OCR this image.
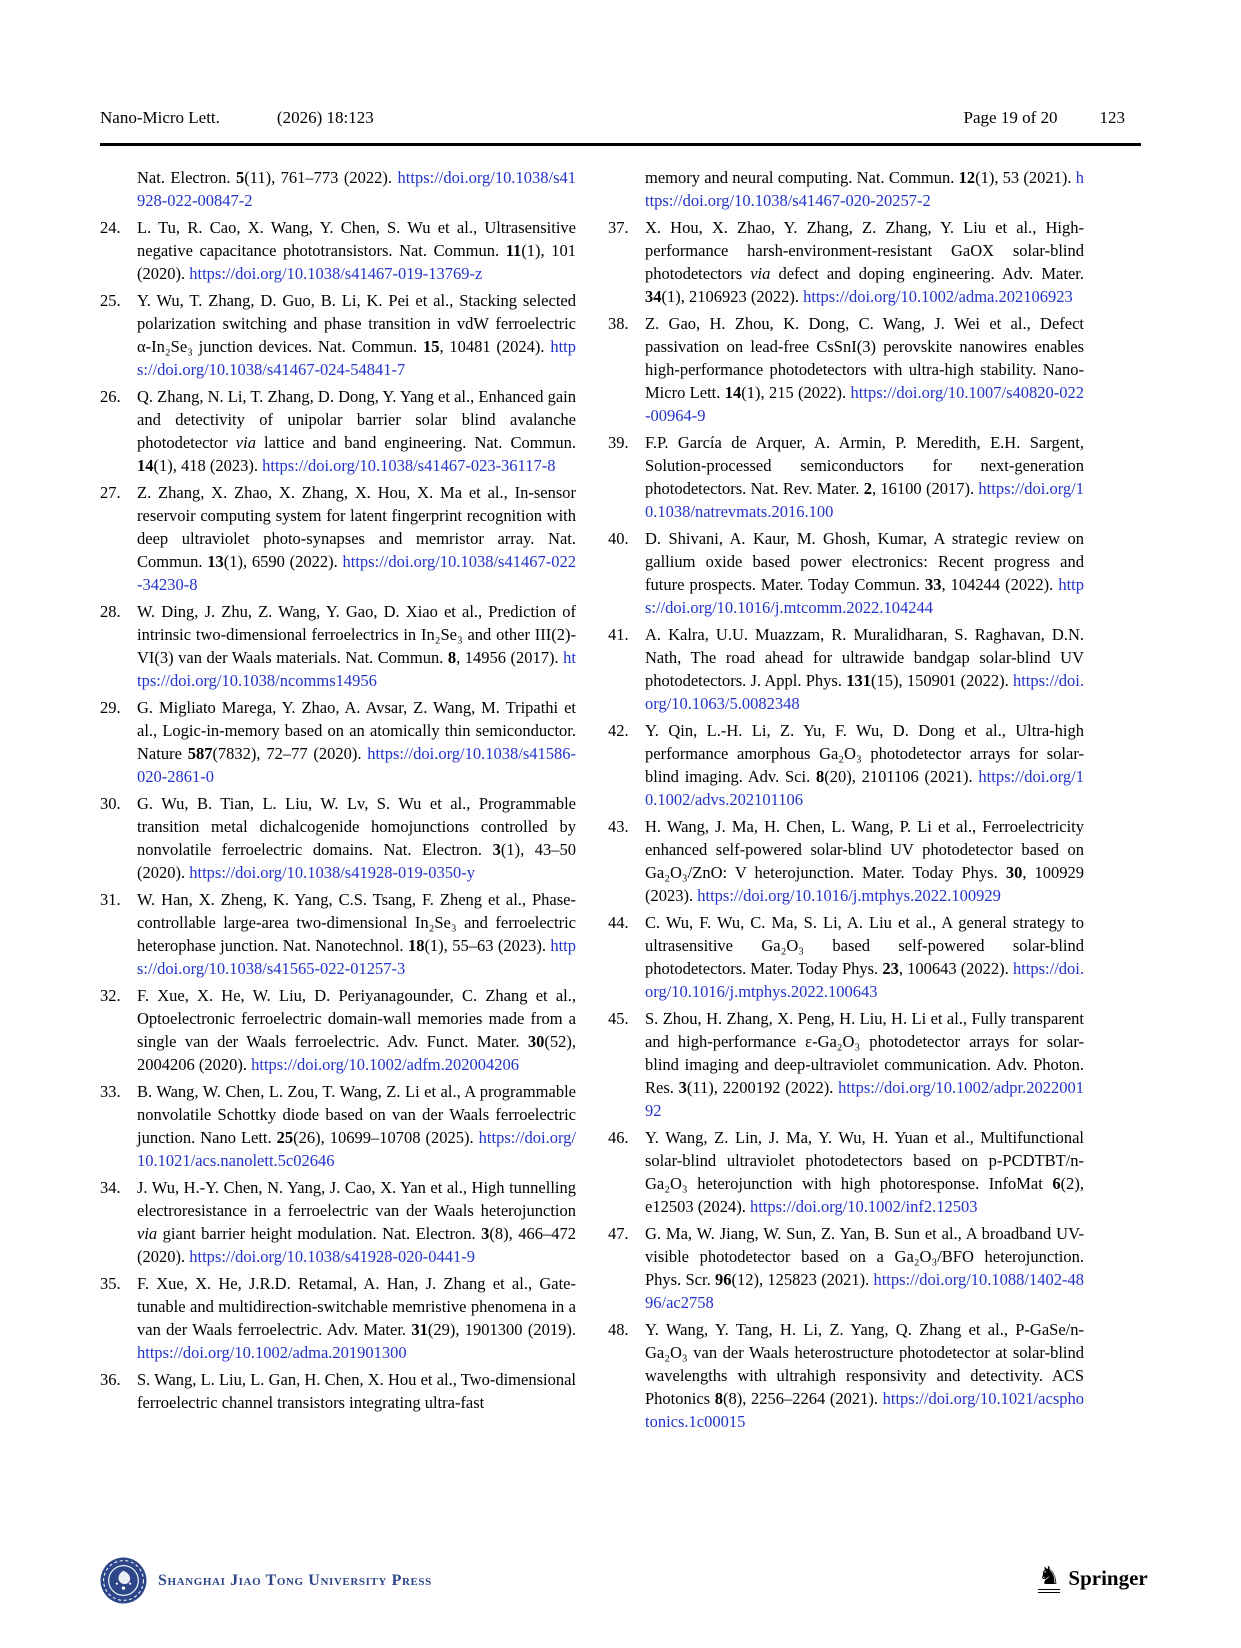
Nano-Micro Lett.	(2026) 18:123	Page 19 of 20 123
Nat. Electron. 5(11), 761–773 (2022). https://doi.org/10.1038/s41928-022-00847-2
24. L. Tu, R. Cao, X. Wang, Y. Chen, S. Wu et al., Ultrasensitive negative capacitance phototransistors. Nat. Commun. 11(1), 101 (2020). https://doi.org/10.1038/s41467-019-13769-z
25. Y. Wu, T. Zhang, D. Guo, B. Li, K. Pei et al., Stacking selected polarization switching and phase transition in vdW ferroelectric α-In₂Se₃ junction devices. Nat. Commun. 15, 10481 (2024). https://doi.org/10.1038/s41467-024-54841-7
26. Q. Zhang, N. Li, T. Zhang, D. Dong, Y. Yang et al., Enhanced gain and detectivity of unipolar barrier solar blind avalanche photodetector via lattice and band engineering. Nat. Commun. 14(1), 418 (2023). https://doi.org/10.1038/s41467-023-36117-8
27. Z. Zhang, X. Zhao, X. Zhang, X. Hou, X. Ma et al., In-sensor reservoir computing system for latent fingerprint recognition with deep ultraviolet photo-synapses and memristor array. Nat. Commun. 13(1), 6590 (2022). https://doi.org/10.1038/s41467-022-34230-8
28. W. Ding, J. Zhu, Z. Wang, Y. Gao, D. Xiao et al., Prediction of intrinsic two-dimensional ferroelectrics in In₂Se₃ and other III(2)-VI(3) van der Waals materials. Nat. Commun. 8, 14956 (2017). https://doi.org/10.1038/ncomms14956
29. G. Migliato Marega, Y. Zhao, A. Avsar, Z. Wang, M. Tripathi et al., Logic-in-memory based on an atomically thin semiconductor. Nature 587(7832), 72–77 (2020). https://doi.org/10.1038/s41586-020-2861-0
30. G. Wu, B. Tian, L. Liu, W. Lv, S. Wu et al., Programmable transition metal dichalcogenide homojunctions controlled by nonvolatile ferroelectric domains. Nat. Electron. 3(1), 43–50 (2020). https://doi.org/10.1038/s41928-019-0350-y
31. W. Han, X. Zheng, K. Yang, C.S. Tsang, F. Zheng et al., Phase-controllable large-area two-dimensional In₂Se₃ and ferroelectric heterophase junction. Nat. Nanotechnol. 18(1), 55–63 (2023). https://doi.org/10.1038/s41565-022-01257-3
32. F. Xue, X. He, W. Liu, D. Periyanagounder, C. Zhang et al., Optoelectronic ferroelectric domain-wall memories made from a single van der Waals ferroelectric. Adv. Funct. Mater. 30(52), 2004206 (2020). https://doi.org/10.1002/adfm.202004206
33. B. Wang, W. Chen, L. Zou, T. Wang, Z. Li et al., A programmable nonvolatile Schottky diode based on van der Waals ferroelectric junction. Nano Lett. 25(26), 10699–10708 (2025). https://doi.org/10.1021/acs.nanolett.5c02646
34. J. Wu, H.-Y. Chen, N. Yang, J. Cao, X. Yan et al., High tunnelling electroresistance in a ferroelectric van der Waals heterojunction via giant barrier height modulation. Nat. Electron. 3(8), 466–472 (2020). https://doi.org/10.1038/s41928-020-0441-9
35. F. Xue, X. He, J.R.D. Retamal, A. Han, J. Zhang et al., Gate-tunable and multidirection-switchable memristive phenomena in a van der Waals ferroelectric. Adv. Mater. 31(29), 1901300 (2019). https://doi.org/10.1002/adma.201901300
36. S. Wang, L. Liu, L. Gan, H. Chen, X. Hou et al., Two-dimensional ferroelectric channel transistors integrating ultra-fast
memory and neural computing. Nat. Commun. 12(1), 53 (2021). https://doi.org/10.1038/s41467-020-20257-2
37. X. Hou, X. Zhao, Y. Zhang, Z. Zhang, Y. Liu et al., High-performance harsh-environment-resistant GaOX solar-blind photodetectors via defect and doping engineering. Adv. Mater. 34(1), 2106923 (2022). https://doi.org/10.1002/adma.202106923
38. Z. Gao, H. Zhou, K. Dong, C. Wang, J. Wei et al., Defect passivation on lead-free CsSnI(3) perovskite nanowires enables high-performance photodetectors with ultra-high stability. Nano-Micro Lett. 14(1), 215 (2022). https://doi.org/10.1007/s40820-022-00964-9
39. F.P. García de Arquer, A. Armin, P. Meredith, E.H. Sargent, Solution-processed semiconductors for next-generation photodetectors. Nat. Rev. Mater. 2, 16100 (2017). https://doi.org/10.1038/natrevmats.2016.100
40. D. Shivani, A. Kaur, M. Ghosh, Kumar, A strategic review on gallium oxide based power electronics: Recent progress and future prospects. Mater. Today Commun. 33, 104244 (2022). https://doi.org/10.1016/j.mtcomm.2022.104244
41. A. Kalra, U.U. Muazzam, R. Muralidharan, S. Raghavan, D.N. Nath, The road ahead for ultrawide bandgap solar-blind UV photodetectors. J. Appl. Phys. 131(15), 150901 (2022). https://doi.org/10.1063/5.0082348
42. Y. Qin, L.-H. Li, Z. Yu, F. Wu, D. Dong et al., Ultra-high performance amorphous Ga₂O₃ photodetector arrays for solar-blind imaging. Adv. Sci. 8(20), 2101106 (2021). https://doi.org/10.1002/advs.202101106
43. H. Wang, J. Ma, H. Chen, L. Wang, P. Li et al., Ferroelectricity enhanced self-powered solar-blind UV photodetector based on Ga₂O₃/ZnO: V heterojunction. Mater. Today Phys. 30, 100929 (2023). https://doi.org/10.1016/j.mtphys.2022.100929
44. C. Wu, F. Wu, C. Ma, S. Li, A. Liu et al., A general strategy to ultrasensitive Ga₂O₃ based self-powered solar-blind photodetectors. Mater. Today Phys. 23, 100643 (2022). https://doi.org/10.1016/j.mtphys.2022.100643
45. S. Zhou, H. Zhang, X. Peng, H. Liu, H. Li et al., Fully transparent and high-performance ε-Ga₂O₃ photodetector arrays for solar-blind imaging and deep-ultraviolet communication. Adv. Photon. Res. 3(11), 2200192 (2022). https://doi.org/10.1002/adpr.202200192
46. Y. Wang, Z. Lin, J. Ma, Y. Wu, H. Yuan et al., Multifunctional solar-blind ultraviolet photodetectors based on p-PCDTBT/n-Ga₂O₃ heterojunction with high photoresponse. InfoMat 6(2), e12503 (2024). https://doi.org/10.1002/inf2.12503
47. G. Ma, W. Jiang, W. Sun, Z. Yan, B. Sun et al., A broadband UV-visible photodetector based on a Ga₂O₃/BFO heterojunction. Phys. Scr. 96(12), 125823 (2021). https://doi.org/10.1088/1402-4896/ac2758
48. Y. Wang, Y. Tang, H. Li, Z. Yang, Q. Zhang et al., P-GaSe/n-Ga₂O₃ van der Waals heterostructure photodetector at solar-blind wavelengths with ultrahigh responsivity and detectivity. ACS Photonics 8(8), 2256–2264 (2021). https://doi.org/10.1021/acsphotonics.1c00015
Shanghai Jiao Tong University Press	♞ Springer
